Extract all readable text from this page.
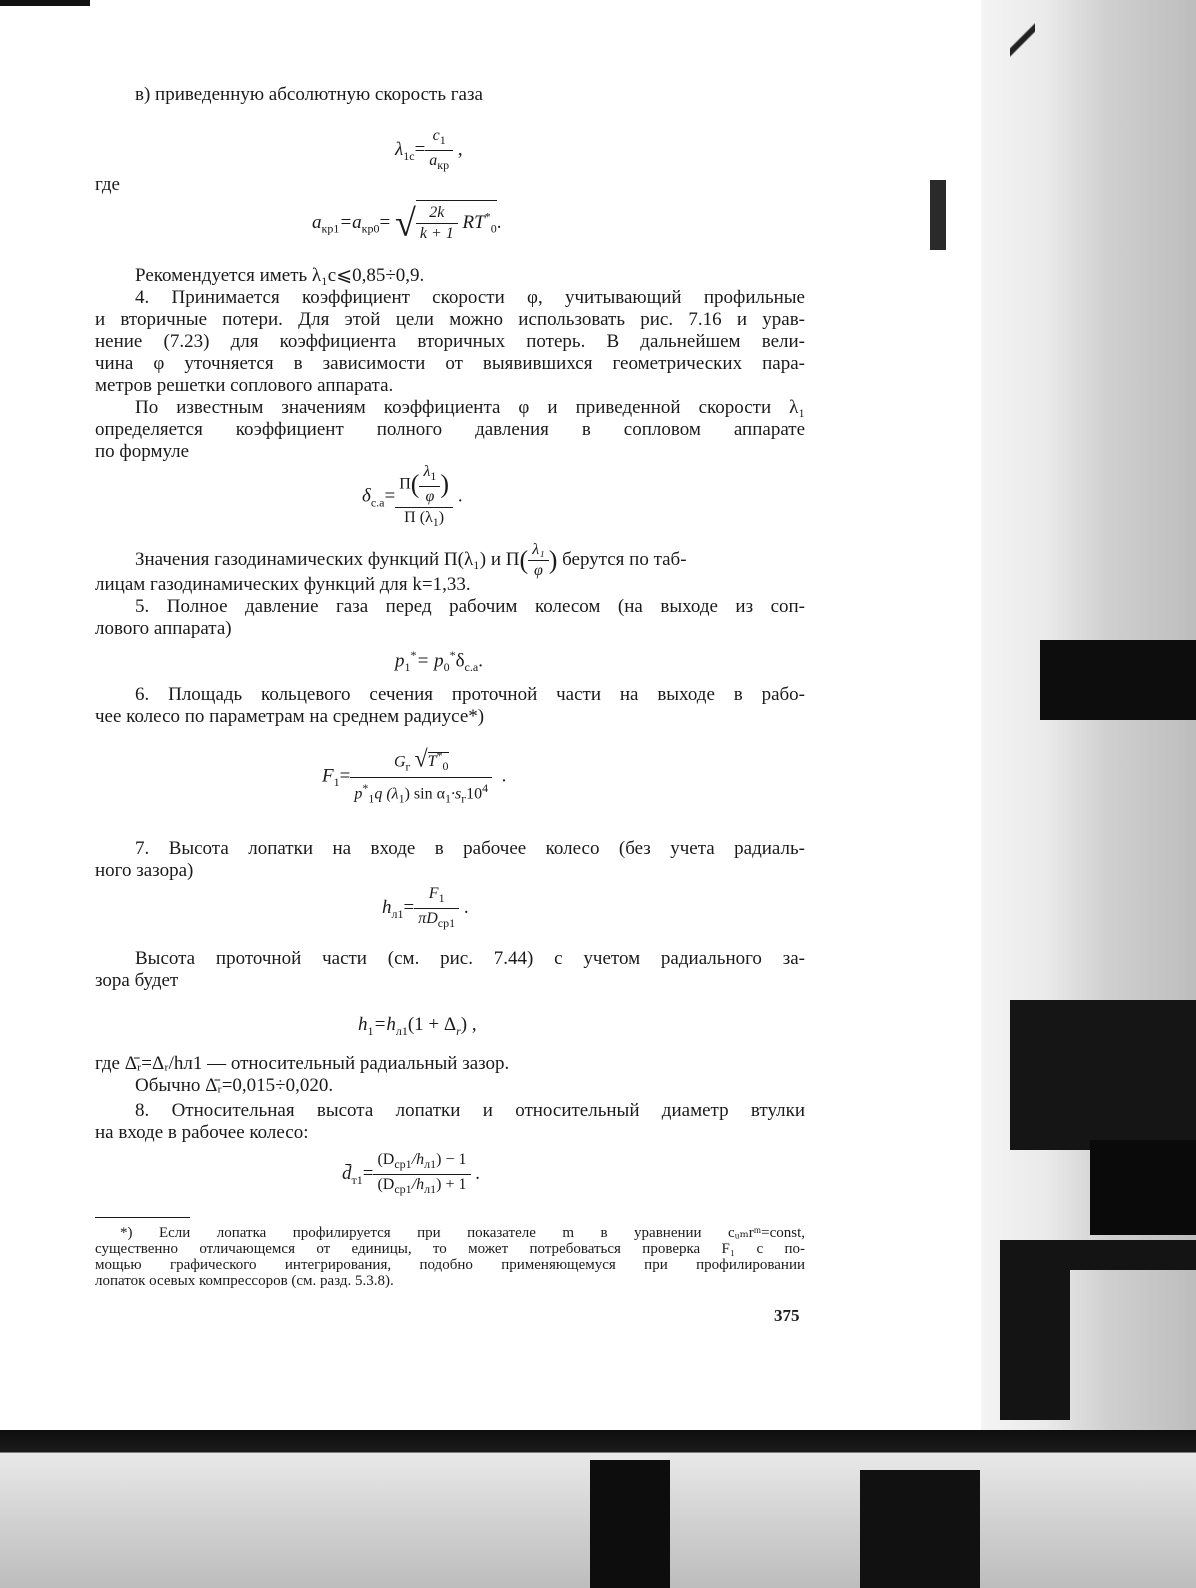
в) приведенную абсолютную скорость газа
$\lambda_{1c}= \frac{c_1}{a_{кр}}$ ,
где
$a_{кр1}=a_{кр0}=$ √ $\frac{2k}{k + 1} RT^*_0$.
Рекомендуется иметь λ₁c⩽0,85÷0,9.
4. Принимается коэффициент скорости φ, учитывающий профильные
и вторичные потери. Для этой цели можно использовать рис. 7.16 и урав-
нение (7.23) для коэффициента вторичных потерь. В дальнейшем вели-
чина φ уточняется в зависимости от выявившихся геометрических пара-
метров решетки соплового аппарата.
По известным значениям коэффициента φ и приведенной скорости λ₁
определяется коэффициент полного давления в сопловом аппарате
по формуле
$\delta_{с.а}= \frac{\Pi( \frac{\lambda_1}{\varphi} )}{\Pi (\lambda_1)}$ .
Значения газодинамических функций Π(λ₁) и $\Pi( \frac{\text{λ₁}}{\varphi}$ ) берутся по таб-
лицам газодинамических функций для k=1,33.
5. Полное давление газа перед рабочим колесом (на выходе из соп-
лового аппарата)
$p_1^*= p_0^*\delta_{с.а}$.
6. Площадь кольцевого сечения проточной части на выходе в рабо-
чее колесо по параметрам на среднем радиусе*)
$F_1= \frac{G_г √T^*_0}{p^*_1q (\lambda_1) \sin \alpha_1\cdot s_г10^4}$ .
7. Высота лопатки на входе в рабочее колесо (без учета радиаль-
ного зазора)
$h_{л1}= \frac{F_1}{\pi D_{ср1}}$ .
Высота проточной части (см. рис. 7.44) с учетом радиального за-
зора будет
$h_1=h_{л1}(1 + \Delta_r)$ ,
где Δ̄ᵣ=Δᵣ/hл1 — относительный радиальный зазор.
Обычно Δ̄ᵣ=0,015÷0,020.
8. Относительная высота лопатки и относительный диаметр втулки
на входе в рабочее колесо:
$d̄_{т1}= \frac{(D_{ср1}/h_{л1}) - 1}{(D_{ср1}/h_{л1}) + 1}$ .
*) Если лопатка профилируется при показателе m в уравнении cᵤₘrᵐ=const,
существенно отличающемся от единицы, то может потребоваться проверка F₁ с по-
мощью графического интегрирования, подобно применяющемуся при профилировании
лопаток осевых компрессоров (см. разд. 5.3.8).
375
